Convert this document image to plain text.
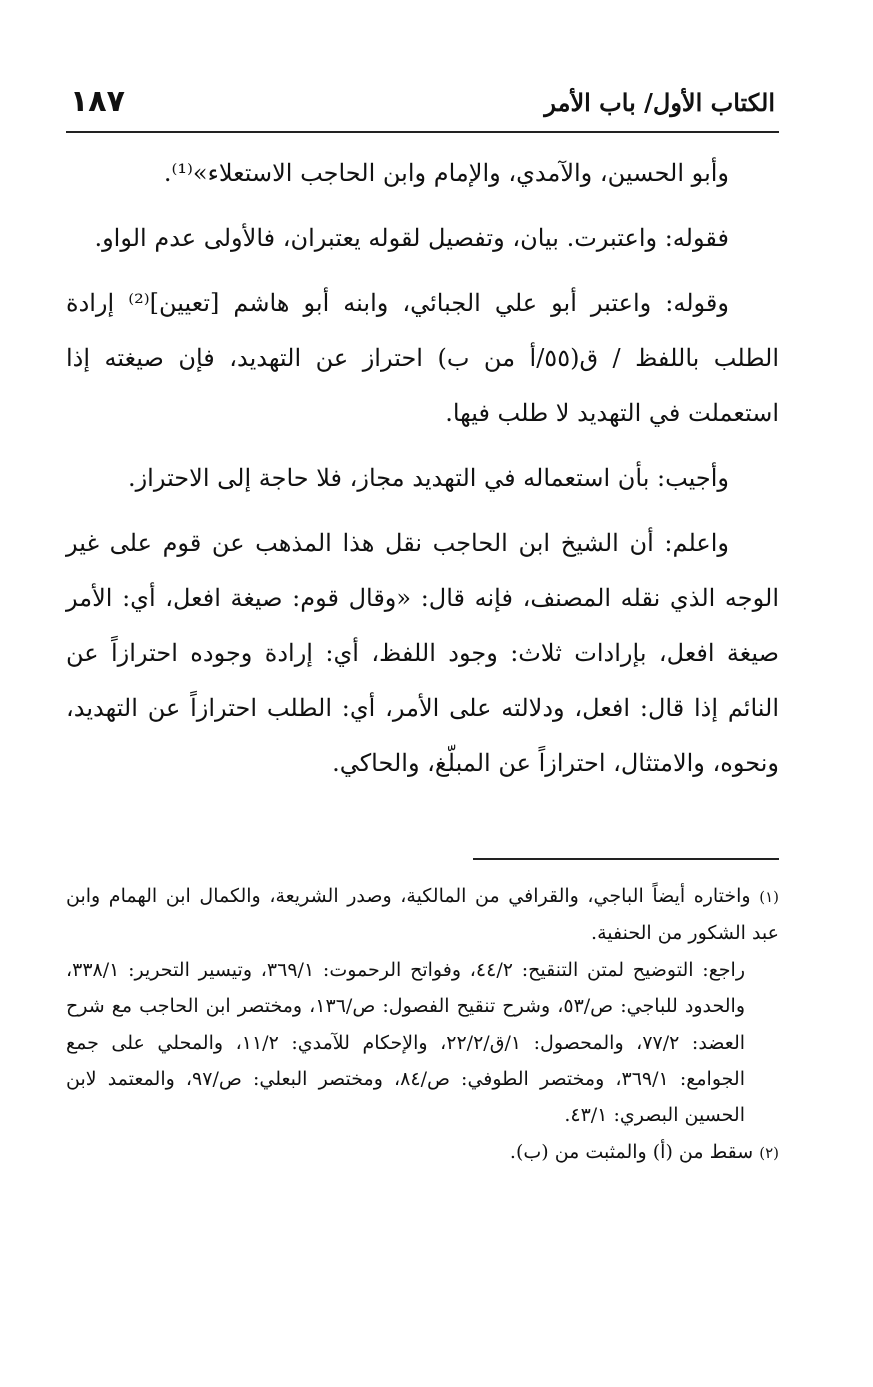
١٨٧	الكتاب الأول/ باب الأمر

وأبو الحسين، والآمدي، والإمام وابن الحاجب الاستعلاء»⁽¹⁾.

فقوله: واعتبرت. بيان، وتفصيل لقوله يعتبران، فالأولى عدم الواو.

وقوله: واعتبر أبو علي الجبائي، وابنه أبو هاشم [تعيين]⁽²⁾ إرادة الطلب باللفظ / ق(٥٥/أ من ب) احتراز عن التهديد، فإن صيغته إذا استعملت في التهديد لا طلب فيها.

وأجيب: بأن استعماله في التهديد مجاز، فلا حاجة إلى الاحتراز.

واعلم: أن الشيخ ابن الحاجب نقل هذا المذهب عن قوم على غير الوجه الذي نقله المصنف، فإنه قال: «وقال قوم: صيغة افعل، أي: الأمر صيغة افعل، بإرادات ثلاث: وجود اللفظ، أي: إرادة وجوده احترازاً عن النائم إذا قال: افعل، ودلالته على الأمر، أي: الطلب احترازاً عن التهديد، ونحوه، والامتثال، احترازاً عن المبلّغ، والحاكي.

(١) واختاره أيضاً الباجي، والقرافي من المالكية، وصدر الشريعة، والكمال ابن الهمام وابن عبد الشكور من الحنفية.

راجع: التوضيح لمتن التنقيح: ٤٤/٢، وفواتح الرحموت: ٣٦٩/١، وتيسير التحرير: ٣٣٨/١، والحدود للباجي: ص/٥٣، وشرح تنقيح الفصول: ص/١٣٦، ومختصر ابن الحاجب مع شرح العضد: ٧٧/٢، والمحصول: ١/ق/٢٢/٢، والإحكام للآمدي: ١١/٢، والمحلي على جمع الجوامع: ٣٦٩/١، ومختصر الطوفي: ص/٨٤، ومختصر البعلي: ص/٩٧، والمعتمد لابن الحسين البصري: ٤٣/١.

(٢) سقط من (أ) والمثبت من (ب).
